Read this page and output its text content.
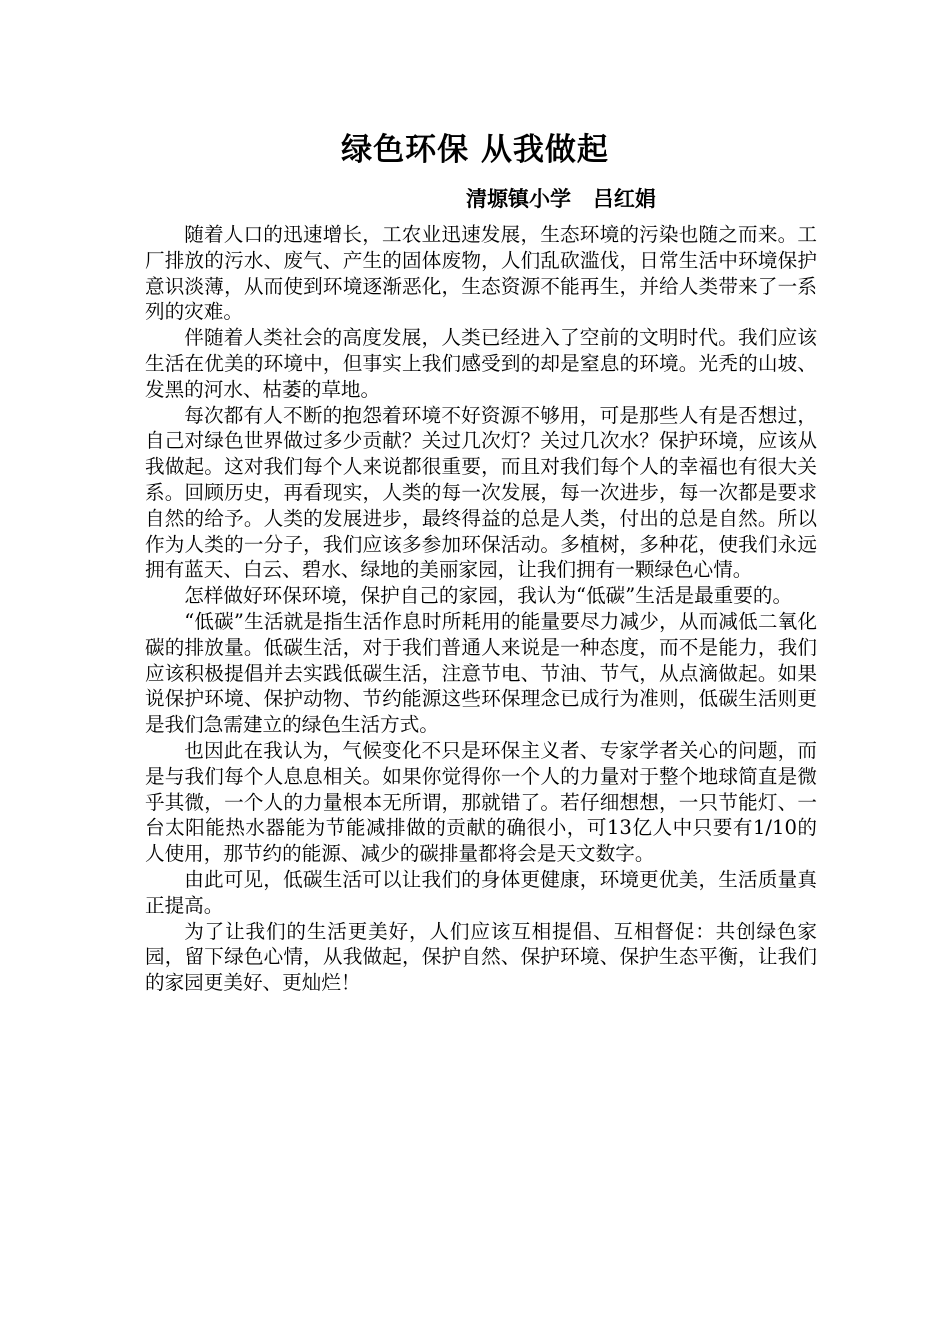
绿色环保 从我做起
清塬镇小学   吕红娟

随着人口的迅速增长，工农业迅速发展，生态环境的污染也随之而来。工厂排放的污水、废气、产生的固体废物，人们乱砍滥伐，日常生活中环境保护意识淡薄，从而使到环境逐渐恶化，生态资源不能再生，并给人类带来了一系列的灾难。

伴随着人类社会的高度发展，人类已经进入了空前的文明时代。我们应该生活在优美的环境中，但事实上我们感受到的却是窒息的环境。光秃的山坡、发黑的河水、枯萎的草地。

每次都有人不断的抱怨着环境不好资源不够用，可是那些人有是否想过，自己对绿色世界做过多少贡献？关过几次灯？关过几次水？保护环境，应该从我做起。这对我们每个人来说都很重要，而且对我们每个人的幸福也有很大关系。回顾历史，再看现实，人类的每一次发展，每一次进步，每一次都是要求自然的给予。人类的发展进步，最终得益的总是人类，付出的总是自然。所以作为人类的一分子，我们应该多参加环保活动。多植树，多种花，使我们永远拥有蓝天、白云、碧水、绿地的美丽家园，让我们拥有一颗绿色心情。

怎样做好环保环境，保护自己的家园，我认为“低碳”生活是最重要的。

“低碳”生活就是指生活作息时所耗用的能量要尽力减少，从而减低二氧化碳的排放量。低碳生活，对于我们普通人来说是一种态度，而不是能力，我们应该积极提倡并去实践低碳生活，注意节电、节油、节气，从点滴做起。如果说保护环境、保护动物、节约能源这些环保理念已成行为准则，低碳生活则更是我们急需建立的绿色生活方式。

也因此在我认为，气候变化不只是环保主义者、专家学者关心的问题，而是与我们每个人息息相关。如果你觉得你一个人的力量对于整个地球简直是微乎其微，一个人的力量根本无所谓，那就错了。若仔细想想，一只节能灯、一台太阳能热水器能为节能减排做的贡献的确很小，可13亿人中只要有1/10的人使用，那节约的能源、减少的碳排量都将会是天文数字。

由此可见，低碳生活可以让我们的身体更健康，环境更优美，生活质量真正提高。

为了让我们的生活更美好，人们应该互相提倡、互相督促：共创绿色家园，留下绿色心情，从我做起，保护自然、保护环境、保护生态平衡，让我们的家园更美好、更灿烂！
